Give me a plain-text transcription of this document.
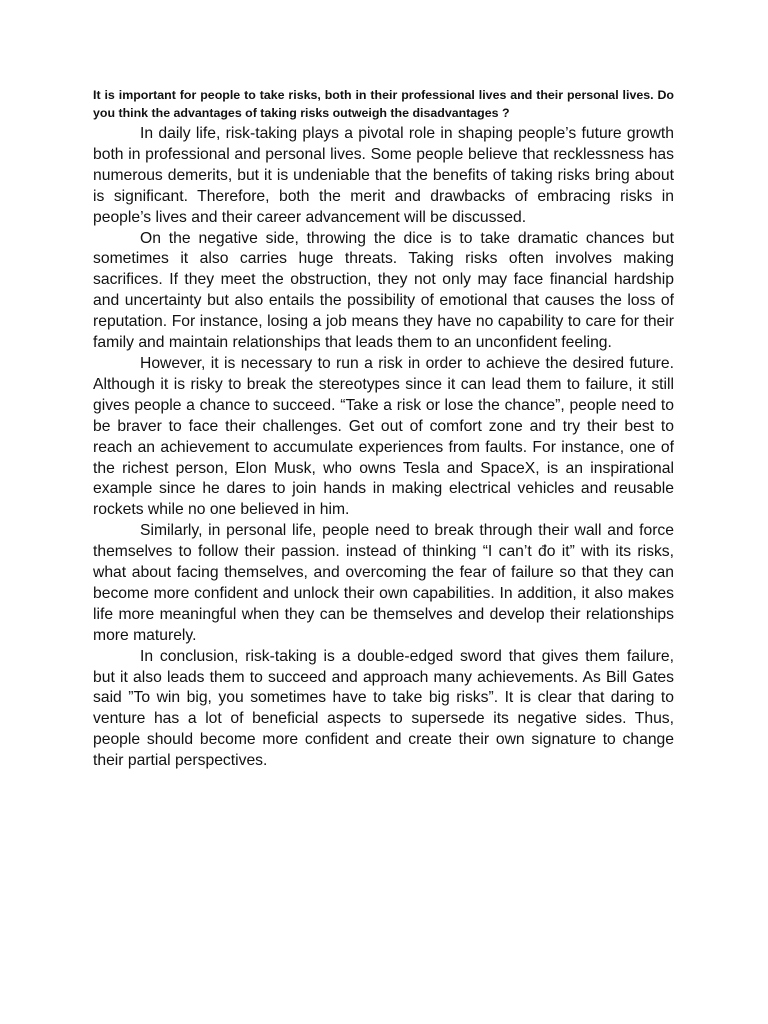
It is important for people to take risks, both in their professional lives and their personal lives. Do you think the advantages of taking risks outweigh the disadvantages ?

In daily life, risk-taking plays a pivotal role in shaping people’s future growth both in professional and personal lives. Some people believe that recklessness has numerous demerits, but it is undeniable that the benefits of taking risks bring about is significant. Therefore, both the merit and drawbacks of embracing risks in people’s lives and their career advancement will be discussed.

On the negative side, throwing the dice is to take dramatic chances but sometimes it also carries huge threats. Taking risks often involves making sacrifices. If they meet the obstruction, they not only may face financial hardship and uncertainty but also entails the possibility of emotional that causes the loss of reputation. For instance, losing a job means they have no capability to care for their family and maintain relationships that leads them to an unconfident feeling.

However, it is necessary to run a risk in order to achieve the desired future. Although it is risky to break the stereotypes since it can lead them to failure, it still gives people a chance to succeed. “Take a risk or lose the chance”, people need to be braver to face their challenges. Get out of comfort zone and try their best to reach an achievement to accumulate experiences from faults. For instance, one of the richest person, Elon Musk, who owns Tesla and SpaceX, is an inspirational example since he dares to join hands in making electrical vehicles and reusable rockets while no one believed in him.

Similarly, in personal life, people need to break through their wall and force themselves to follow their passion. instead of thinking “I can’t đo it” with its risks, what about facing themselves, and overcoming the fear of failure so that they can become more confident and unlock their own capabilities. In addition, it also makes life more meaningful when they can be themselves and develop their relationships more maturely.

In conclusion, risk-taking is a double-edged sword that gives them failure, but it also leads them to succeed and approach many achievements. As Bill Gates said ”To win big, you sometimes have to take big risks”. It is clear that daring to venture has a lot of beneficial aspects to supersede its negative sides. Thus, people should become more confident and create their own signature to change their partial perspectives.
